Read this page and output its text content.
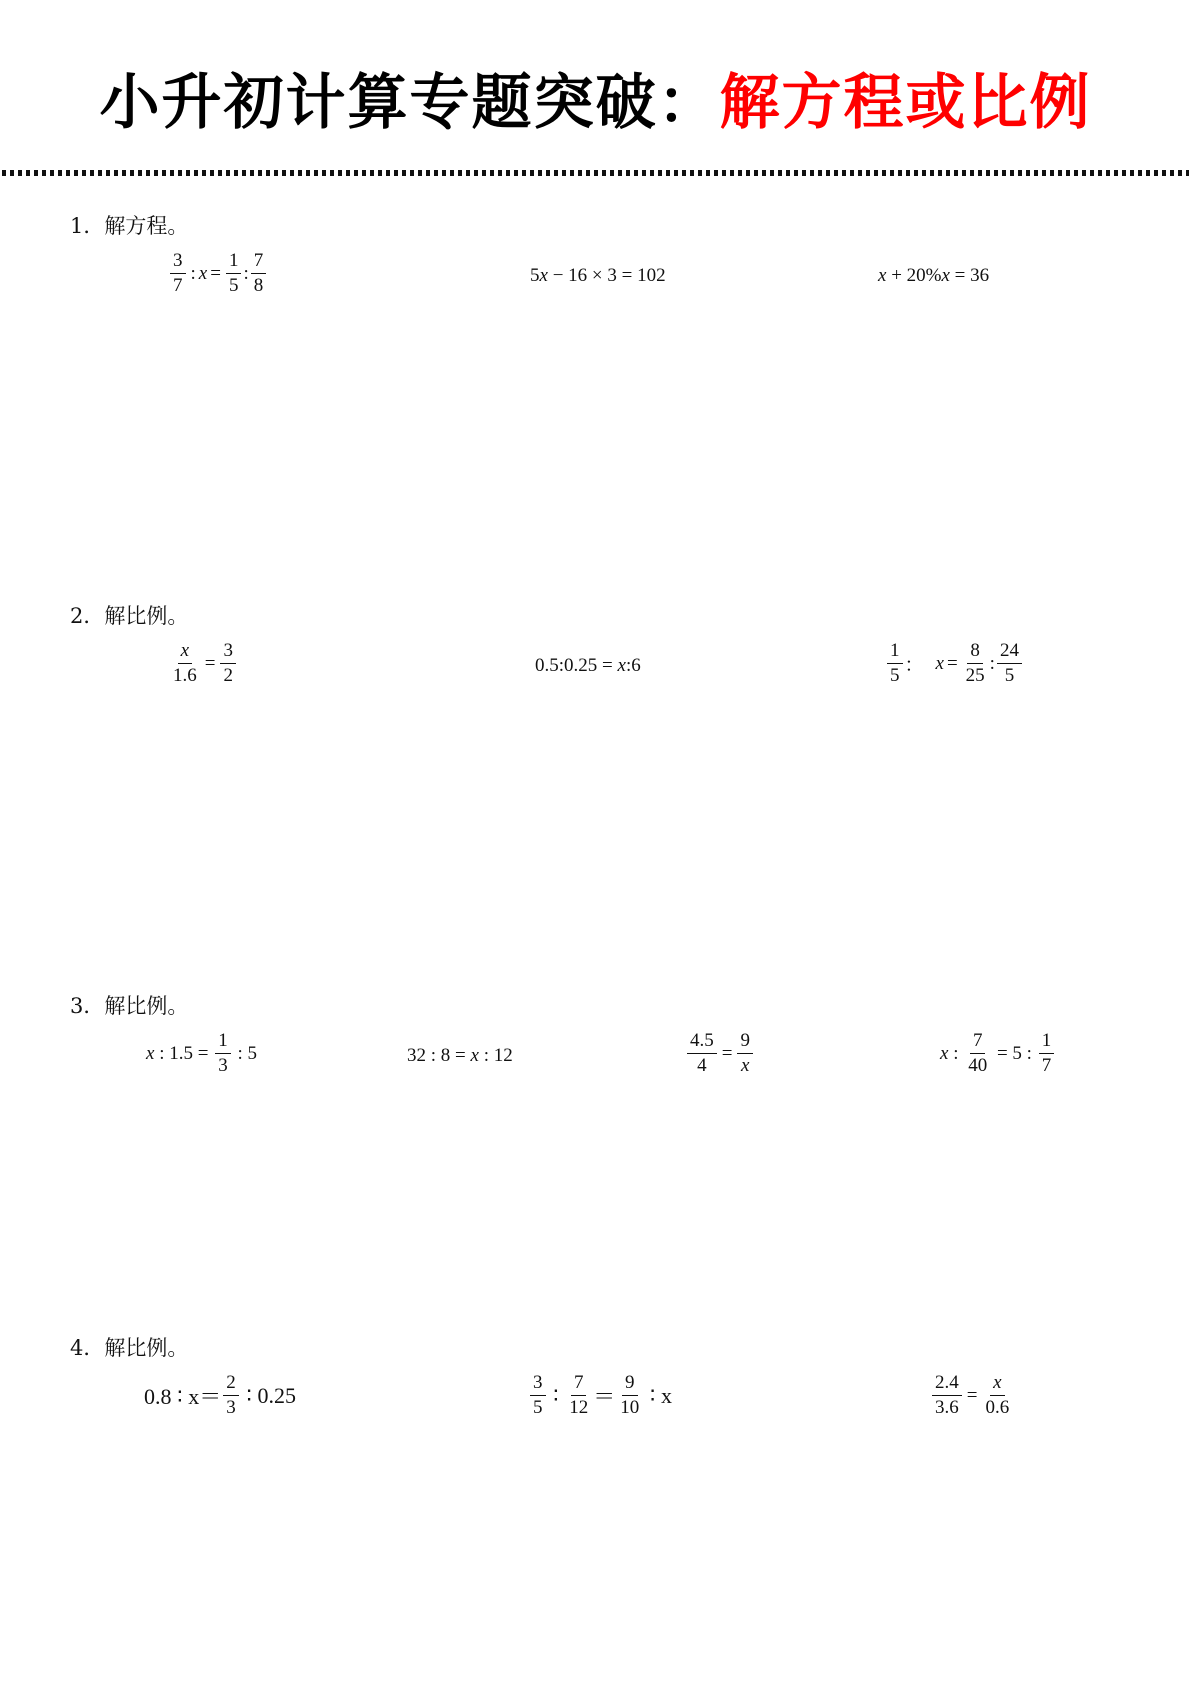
小升初计算专题突破：解方程或比例
1．解方程。
$\frac{3}{7}$ : $x = \frac{1}{5}$ : $\frac{7}{8}$	5 x − 16 × 3 = 102	x + 20% x = 36
2．解比例。
$\frac{x}{1.6} = \frac{3}{2}$	0.5:0.25 = x :6	$\frac{1}{5}$ ： $x = \frac{8}{25}$ : $\frac{24}{5}$
3．解比例。
x : $1.5 = \frac{1}{3}$ : 5	32 : 8 = x : 12	$\frac{4.5}{4} = \frac{9}{x}$	x : $\frac{7}{40} = 5$ : $\frac{1}{7}$
4．解比例。
0.8 ∶ $x= \frac{2}{3}$ ∶ 0.25	$\frac{3}{5}$ ∶ $\frac{7}{12} = \frac{9}{10}$ ∶ x	$\frac{2.4}{3.6} = \frac{x}{0.6}$
